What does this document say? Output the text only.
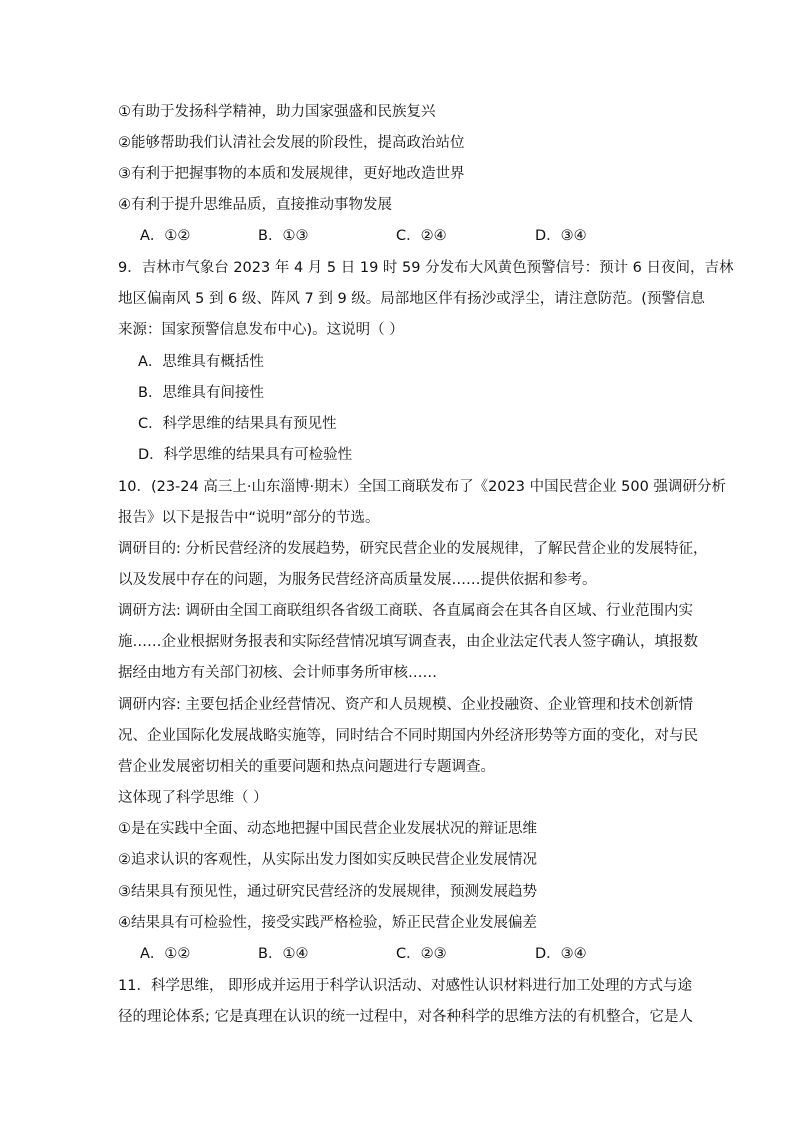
①有助于发扬科学精神，助力国家强盛和民族复兴
②能够帮助我们认清社会发展的阶段性，提高政治站位
③有利于把握事物的本质和发展规律，更好地改造世界
④有利于提升思维品质，直接推动事物发展
A．①②	B．①③	C．②④	D．③④
9．吉林市气象台 2023 年 4 月 5 日 19 时 59 分发布大风黄色预警信号：预计 6 日夜间，吉林
地区偏南风 5 到 6 级、阵风 7 到 9 级。局部地区伴有扬沙或浮尘，请注意防范。(预警信息
来源：国家预警信息发布中心)。这说明（ ）
A．思维具有概括性
B．思维具有间接性
C．科学思维的结果具有预见性
D．科学思维的结果具有可检验性
10．(23-24 高三上·山东淄博·期末）全国工商联发布了《2023 中国民营企业 500 强调研分析
报告》以下是报告中“说明”部分的节选。
调研目的: 分析民营经济的发展趋势，研究民营企业的发展规律，了解民营企业的发展特征，
以及发展中存在的问题，为服务民营经济高质量发展……提供依据和参考。
调研方法: 调研由全国工商联组织各省级工商联、各直属商会在其各自区域、行业范围内实
施……企业根据财务报表和实际经营情况填写调查表，由企业法定代表人签字确认，填报数
据经由地方有关部门初核、会计师事务所审核……
调研内容: 主要包括企业经营情况、资产和人员规模、企业投融资、企业管理和技术创新情
况、企业国际化发展战略实施等，同时结合不同时期国内外经济形势等方面的变化，对与民
营企业发展密切相关的重要问题和热点问题进行专题调查。
这体现了科学思维（ ）
①是在实践中全面、动态地把握中国民营企业发展状况的辩证思维
②追求认识的客观性，从实际出发力图如实反映民营企业发展情况
③结果具有预见性，通过研究民营经济的发展规律，预测发展趋势
④结果具有可检验性，接受实践严格检验，矫正民营企业发展偏差
A．①②	B．①④	C．②③	D．③④
11．科学思维， 即形成并运用于科学认识活动、对感性认识材料进行加工处理的方式与途
径的理论体系; 它是真理在认识的统一过程中，对各种科学的思维方法的有机整合，它是人
